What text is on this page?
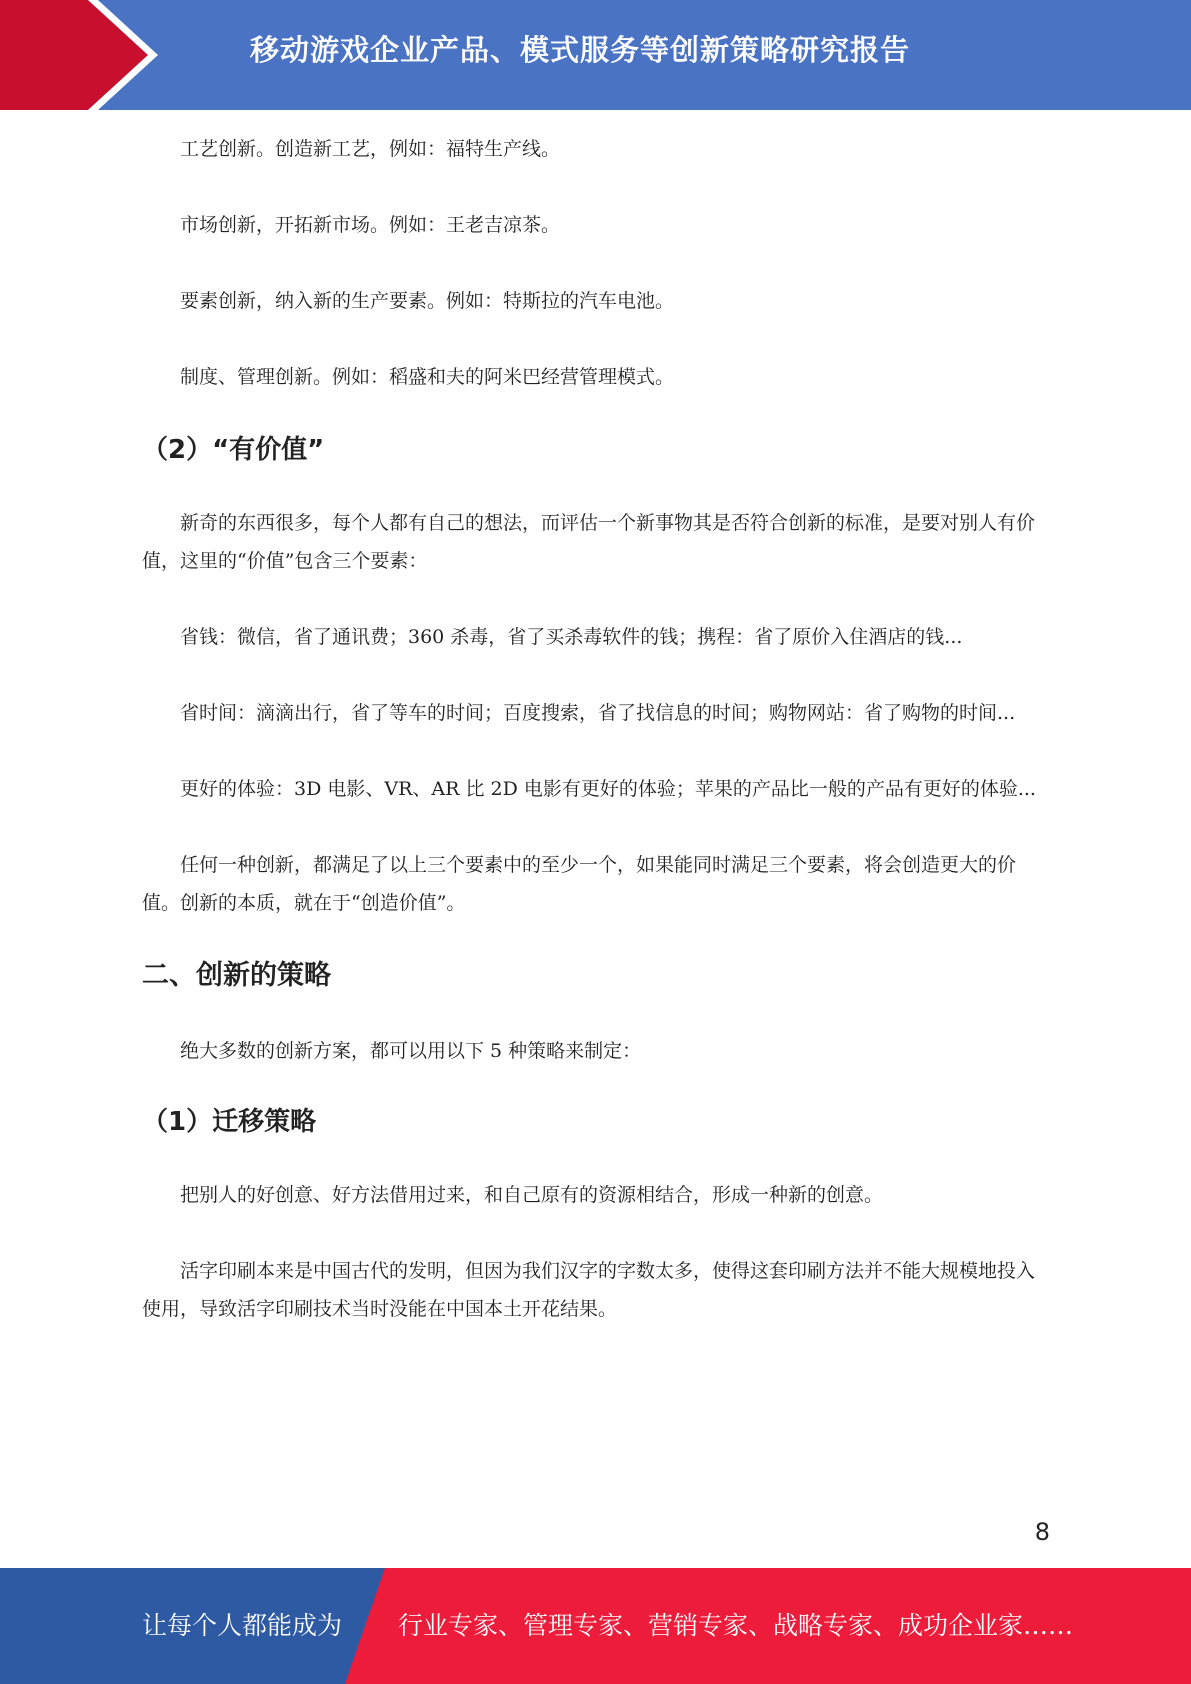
移动游戏企业产品、模式服务等创新策略研究报告

工艺创新。创造新工艺，例如：福特生产线。

市场创新，开拓新市场。例如：王老吉凉茶。

要素创新，纳入新的生产要素。例如：特斯拉的汽车电池。

制度、管理创新。例如：稻盛和夫的阿米巴经营管理模式。

（2）“有价值”

新奇的东西很多，每个人都有自己的想法，而评估一个新事物其是否符合创新的标准，是要对别人有价值，这里的“价值”包含三个要素：

省钱：微信，省了通讯费；360 杀毒，省了买杀毒软件的钱；携程：省了原价入住酒店的钱...

省时间：滴滴出行，省了等车的时间；百度搜索，省了找信息的时间；购物网站：省了购物的时间...

更好的体验：3D 电影、VR、AR 比 2D 电影有更好的体验；苹果的产品比一般的产品有更好的体验...

任何一种创新，都满足了以上三个要素中的至少一个，如果能同时满足三个要素，将会创造更大的价值。创新的本质，就在于“创造价值”。

二、创新的策略

绝大多数的创新方案，都可以用以下 5 种策略来制定：

（1）迁移策略

把别人的好创意、好方法借用过来，和自己原有的资源相结合，形成一种新的创意。

活字印刷本来是中国古代的发明，但因为我们汉字的字数太多，使得这套印刷方法并不能大规模地投入使用，导致活字印刷技术当时没能在中国本土开花结果。

8
让每个人都能成为 行业专家、管理专家、营销专家、战略专家、成功企业家……
